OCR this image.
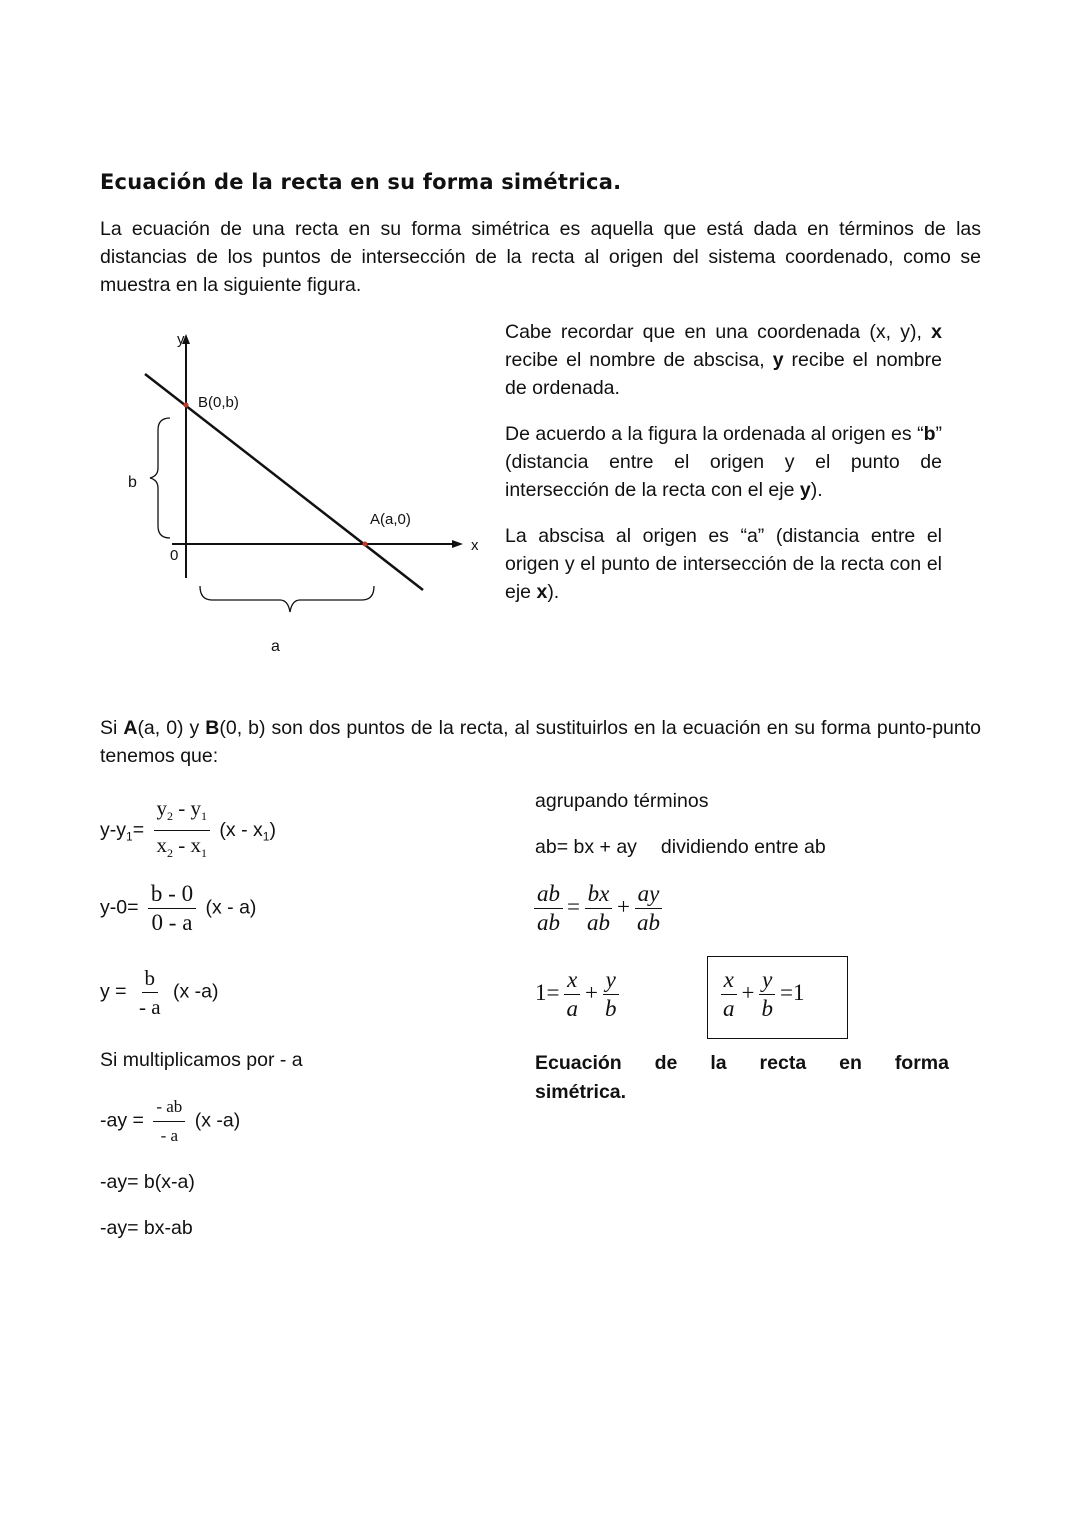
Ecuación de la recta en su forma simétrica.
La ecuación de una recta en su forma simétrica es aquella que está dada en términos de las distancias de los puntos de intersección de la recta al origen del sistema coordenado, como se muestra en la siguiente figura.
y
x
0
B(0,b)
A(a,0)
b
a
Cabe recordar que en una coordenada (x, y), x recibe el nombre de abscisa, y recibe el nombre de ordenada.
De acuerdo a la figura la ordenada al origen es “b” (distancia entre el origen y el punto de intersección de la recta con el eje y).
La abscisa al origen es “a” (distancia entre el origen y el punto de intersección de la recta con el eje x).
Si A(a, 0) y B(0, b) son dos puntos de la recta, al sustituirlos en la ecuación en su forma punto-punto tenemos que:
$y-y_1= \frac{y_2 - y_1}{x_2 - x_1} (x - x_1)$
$y-0= \frac{b - 0}{0 - a} (x - a)$
$y = \frac{b}{- a} (x$ -a)
Si multiplicamos por - a
$-ay = \frac{- ab}{- a} (x$ -a)
-ay= b(x-a)
-ay= bx-ab
agrupando términos
ab= bx + ay dividiendo entre ab
$\frac{ab}{ab} = \frac{bx}{ab} + \frac{ay}{ab}$
$1= \frac{x}{a} + \frac{y}{b}$	$\frac{x}{a} + \frac{y}{b} =1$
Ecuación de la recta en forma
simétrica.
